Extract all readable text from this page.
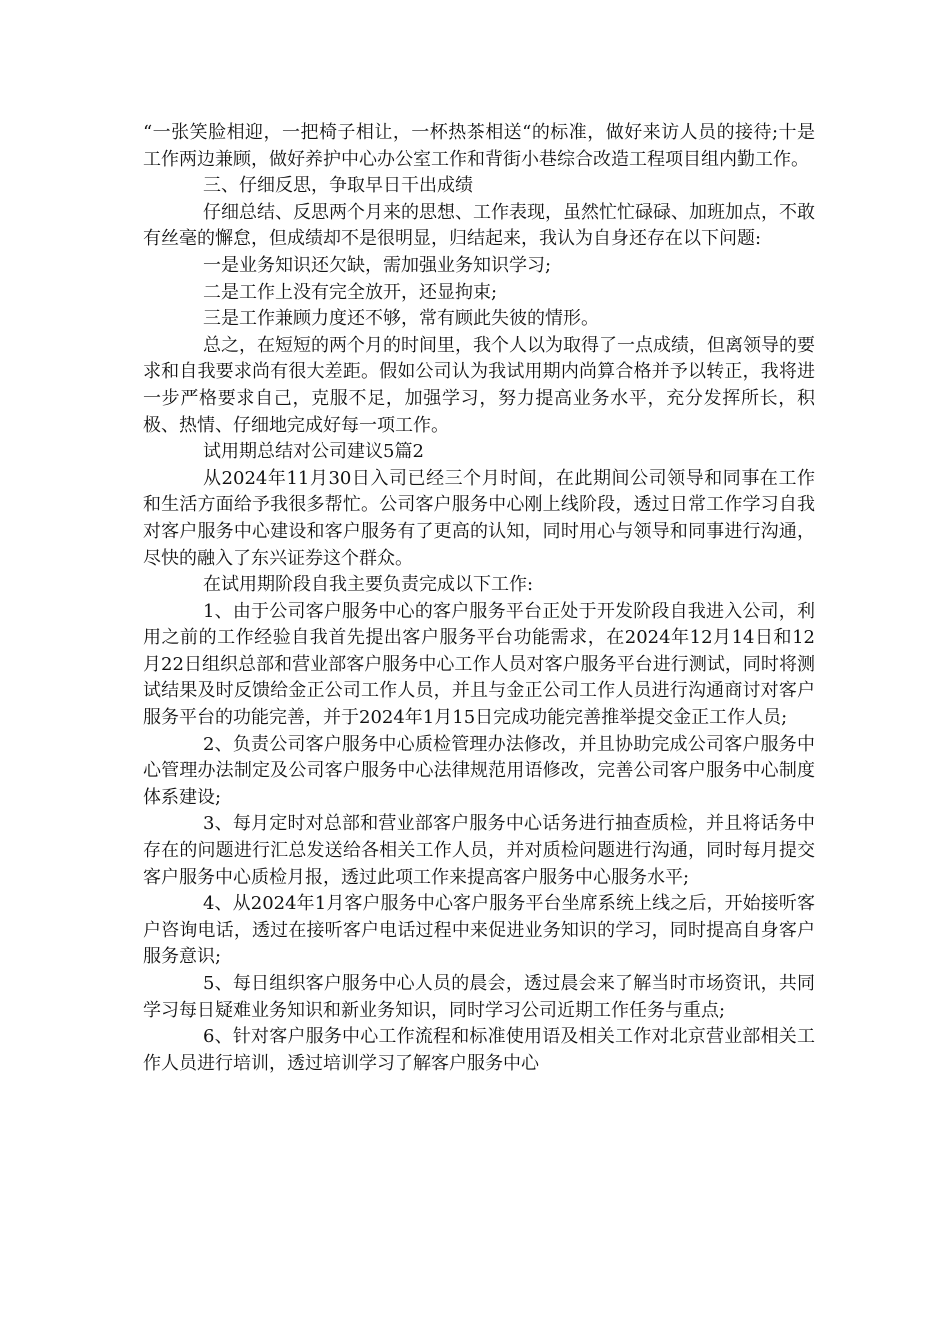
“一张笑脸相迎，一把椅子相让，一杯热茶相送“的标准，做好来访人员的接待;十是工作两边兼顾，做好养护中心办公室工作和背街小巷综合改造工程项目组内勤工作。

三、仔细反思，争取早日干出成绩

仔细总结、反思两个月来的思想、工作表现，虽然忙忙碌碌、加班加点，不敢有丝毫的懈怠，但成绩却不是很明显，归结起来，我认为自身还存在以下问题:

一是业务知识还欠缺，需加强业务知识学习;

二是工作上没有完全放开，还显拘束;

三是工作兼顾力度还不够，常有顾此失彼的情形。

总之，在短短的两个月的时间里，我个人以为取得了一点成绩，但离领导的要求和自我要求尚有很大差距。假如公司认为我试用期内尚算合格并予以转正，我将进一步严格要求自己，克服不足，加强学习，努力提高业务水平，充分发挥所长，积极、热情、仔细地完成好每一项工作。

试用期总结对公司建议5篇2

从2024年11月30日入司已经三个月时间，在此期间公司领导和同事在工作和生活方面给予我很多帮忙。公司客户服务中心刚上线阶段，透过日常工作学习自我对客户服务中心建设和客户服务有了更高的认知，同时用心与领导和同事进行沟通，尽快的融入了东兴证券这个群众。

在试用期阶段自我主要负责完成以下工作:

1、由于公司客户服务中心的客户服务平台正处于开发阶段自我进入公司，利用之前的工作经验自我首先提出客户服务平台功能需求，在2024年12月14日和12月22日组织总部和营业部客户服务中心工作人员对客户服务平台进行测试，同时将测试结果及时反馈给金正公司工作人员，并且与金正公司工作人员进行沟通商讨对客户服务平台的功能完善，并于2024年1月15日完成功能完善推举提交金正工作人员;

2、负责公司客户服务中心质检管理办法修改，并且协助完成公司客户服务中心管理办法制定及公司客户服务中心法律规范用语修改，完善公司客户服务中心制度体系建设;

3、每月定时对总部和营业部客户服务中心话务进行抽查质检，并且将话务中存在的问题进行汇总发送给各相关工作人员，并对质检问题进行沟通，同时每月提交客户服务中心质检月报，透过此项工作来提高客户服务中心服务水平;

4、从2024年1月客户服务中心客户服务平台坐席系统上线之后，开始接听客户咨询电话，透过在接听客户电话过程中来促进业务知识的学习，同时提高自身客户服务意识;

5、每日组织客户服务中心人员的晨会，透过晨会来了解当时市场资讯，共同学习每日疑难业务知识和新业务知识，同时学习公司近期工作任务与重点;

6、针对客户服务中心工作流程和标准使用语及相关工作对北京营业部相关工作人员进行培训，透过培训学习了解客户服务中心
